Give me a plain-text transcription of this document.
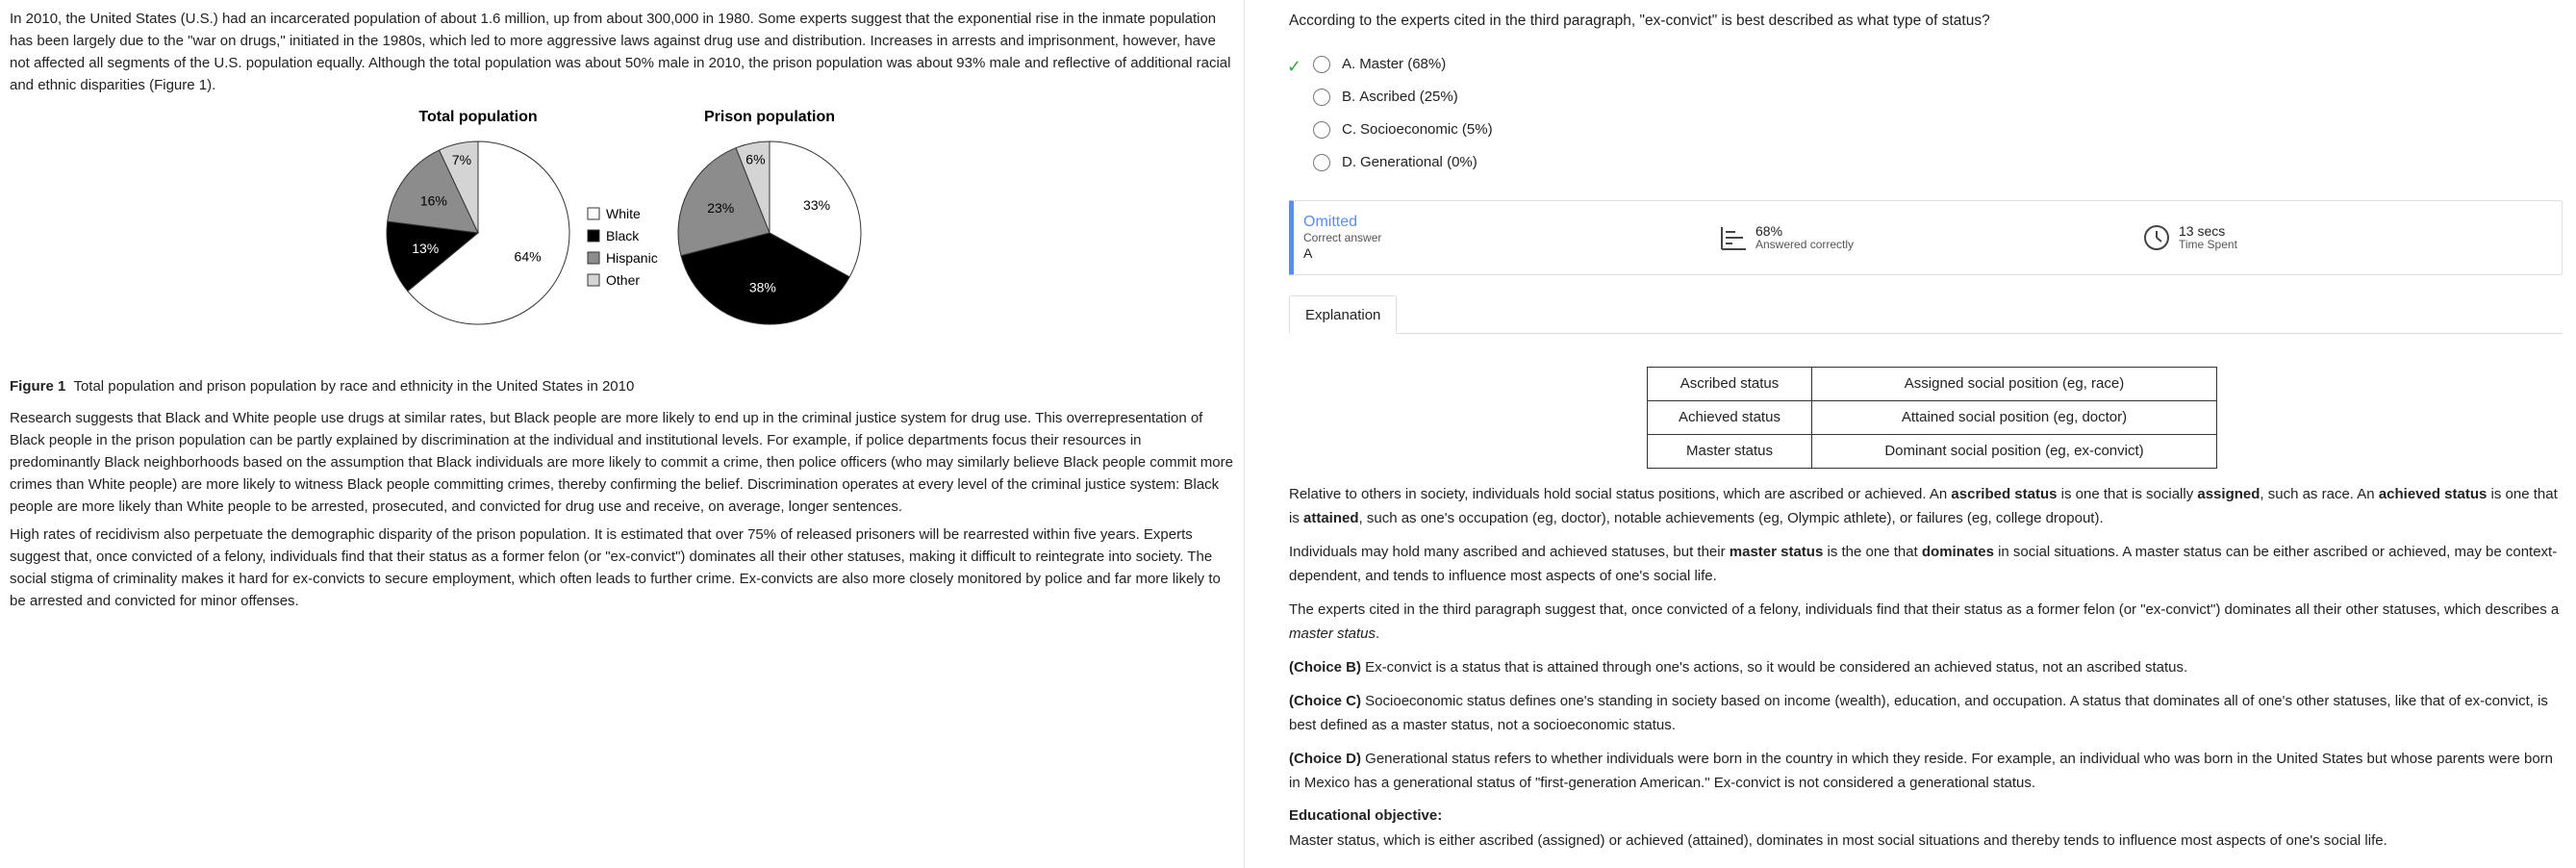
In 2010, the United States (U.S.) had an incarcerated population of about 1.6 million, up from about 300,000 in 1980. Some experts suggest that the exponential rise in the inmate population has been largely due to the "war on drugs," initiated in the 1980s, which led to more aggressive laws against drug use and distribution. Increases in arrests and imprisonment, however, have not affected all segments of the U.S. population equally. Although the total population was about 50% male in 2010, the prison population was about 93% male and reflective of additional racial and ethnic disparities (Figure 1).

Total population	Prison population
64%
13%
16%
7%
33%
38%
23%
6%
White
Black
Hispanic
Other
Figure 1 Total population and prison population by race and ethnicity in the United States in 2010

Research suggests that Black and White people use drugs at similar rates, but Black people are more likely to end up in the criminal justice system for drug use. This overrepresentation of Black people in the prison population can be partly explained by discrimination at the individual and institutional levels. For example, if police departments focus their resources in predominantly Black neighborhoods based on the assumption that Black individuals are more likely to commit a crime, then police officers (who may similarly believe Black people commit more crimes than White people) are more likely to witness Black people committing crimes, thereby confirming the belief. Discrimination operates at every level of the criminal justice system: Black people are more likely than White people to be arrested, prosecuted, and convicted for drug use and receive, on average, longer sentences.

High rates of recidivism also perpetuate the demographic disparity of the prison population. It is estimated that over 75% of released prisoners will be rearrested within five years. Experts suggest that, once convicted of a felony, individuals find that their status as a former felon (or "ex-convict") dominates all their other statuses, making it difficult to reintegrate into society. The social stigma of criminality makes it hard for ex-convicts to secure employment, which often leads to further crime. Ex-convicts are also more closely monitored by police and far more likely to be arrested and convicted for minor offenses.

According to the experts cited in the third paragraph, "ex-convict" is best described as what type of status?
✓	A. Master
(68%)
B. Ascribed
(25%)
C. Socioeconomic
(5%)
D. Generational
(0%)
Omitted
Correct answer
A
68%
Answered correctly
13 secs
Time Spent
Explanation
Ascribed status	Assigned social position (eg, race)
Achieved status	Attained social position (eg, doctor)
Master status	Dominant social position (eg, ex-convict)

Relative to others in society, individuals hold social status positions, which are ascribed or achieved. An ascribed status is one that is socially assigned, such as race. An achieved status is one that is attained, such as one's occupation (eg, doctor), notable achievements (eg, Olympic athlete), or failures (eg, college dropout).

Individuals may hold many ascribed and achieved statuses, but their master status is the one that dominates in social situations. A master status can be either ascribed or achieved, may be context-dependent, and tends to influence most aspects of one's social life.

The experts cited in the third paragraph suggest that, once convicted of a felony, individuals find that their status as a former felon (or "ex-convict") dominates all their other statuses, which describes a master status.

(Choice B) Ex-convict is a status that is attained through one's actions, so it would be considered an achieved status, not an ascribed status.

(Choice C) Socioeconomic status defines one's standing in society based on income (wealth), education, and occupation. A status that dominates all of one's other statuses, like that of ex-convict, is best defined as a master status, not a socioeconomic status.

(Choice D) Generational status refers to whether individuals were born in the country in which they reside. For example, an individual who was born in the United States but whose parents were born in Mexico has a generational status of "first-generation American." Ex-convict is not considered a generational status.

Educational objective:
Master status, which is either ascribed (assigned) or achieved (attained), dominates in most social situations and thereby tends to influence most aspects of one's social life.
